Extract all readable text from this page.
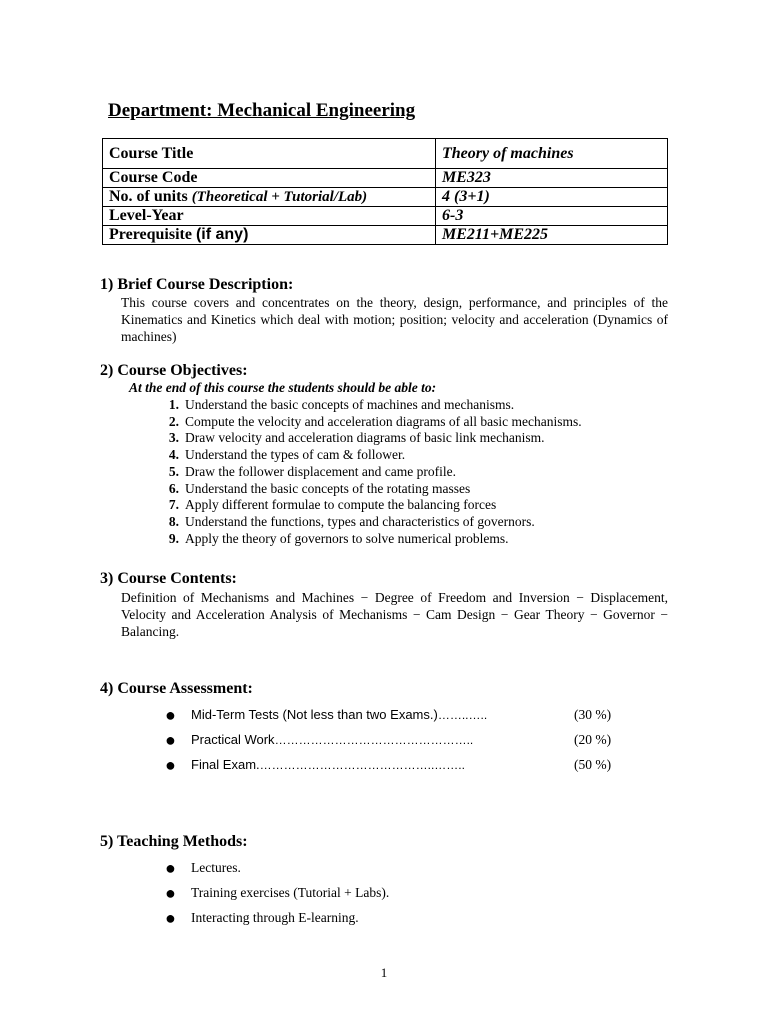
Department: Mechanical Engineering
Course Title	Theory of machines
Course Code	ME323
No. of units (Theoretical + Tutorial/Lab)	4 (3+1)
Level-Year	6-3
Prerequisite (if any)	ME211+ME225
1) Brief Course Description:
This course covers and concentrates on the theory, design, performance, and principles of the Kinematics and Kinetics which deal with motion; position; velocity and acceleration (Dynamics of machines)
2) Course Objectives:
At the end of this course the students should be able to:
1. Understand the basic concepts of machines and mechanisms.
2. Compute the velocity and acceleration diagrams of all basic mechanisms.
3. Draw velocity and acceleration diagrams of basic link mechanism.
4. Understand the types of cam & follower.
5. Draw the follower displacement and came profile.
6. Understand the basic concepts of the rotating masses
7. Apply different formulae to compute the balancing forces
8. Understand the functions, types and characteristics of governors.
9. Apply the theory of governors to solve numerical problems.
3) Course Contents:
Definition of Mechanisms and Machines − Degree of Freedom and Inversion − Displacement, Velocity and Acceleration Analysis of Mechanisms − Cam Design − Gear Theory − Governor − Balancing.
4) Course Assessment:
●	Mid-Term Tests (Not less than two Exams.) ……..…..	(30 %)
●	Practical Work …………………………………………..	(20 %)
●	Final Exam. ……………………………………..……..	(50 %)
5) Teaching Methods:
●	Lectures.
●	Training exercises (Tutorial + Labs).
●	Interacting through E-learning.
1
